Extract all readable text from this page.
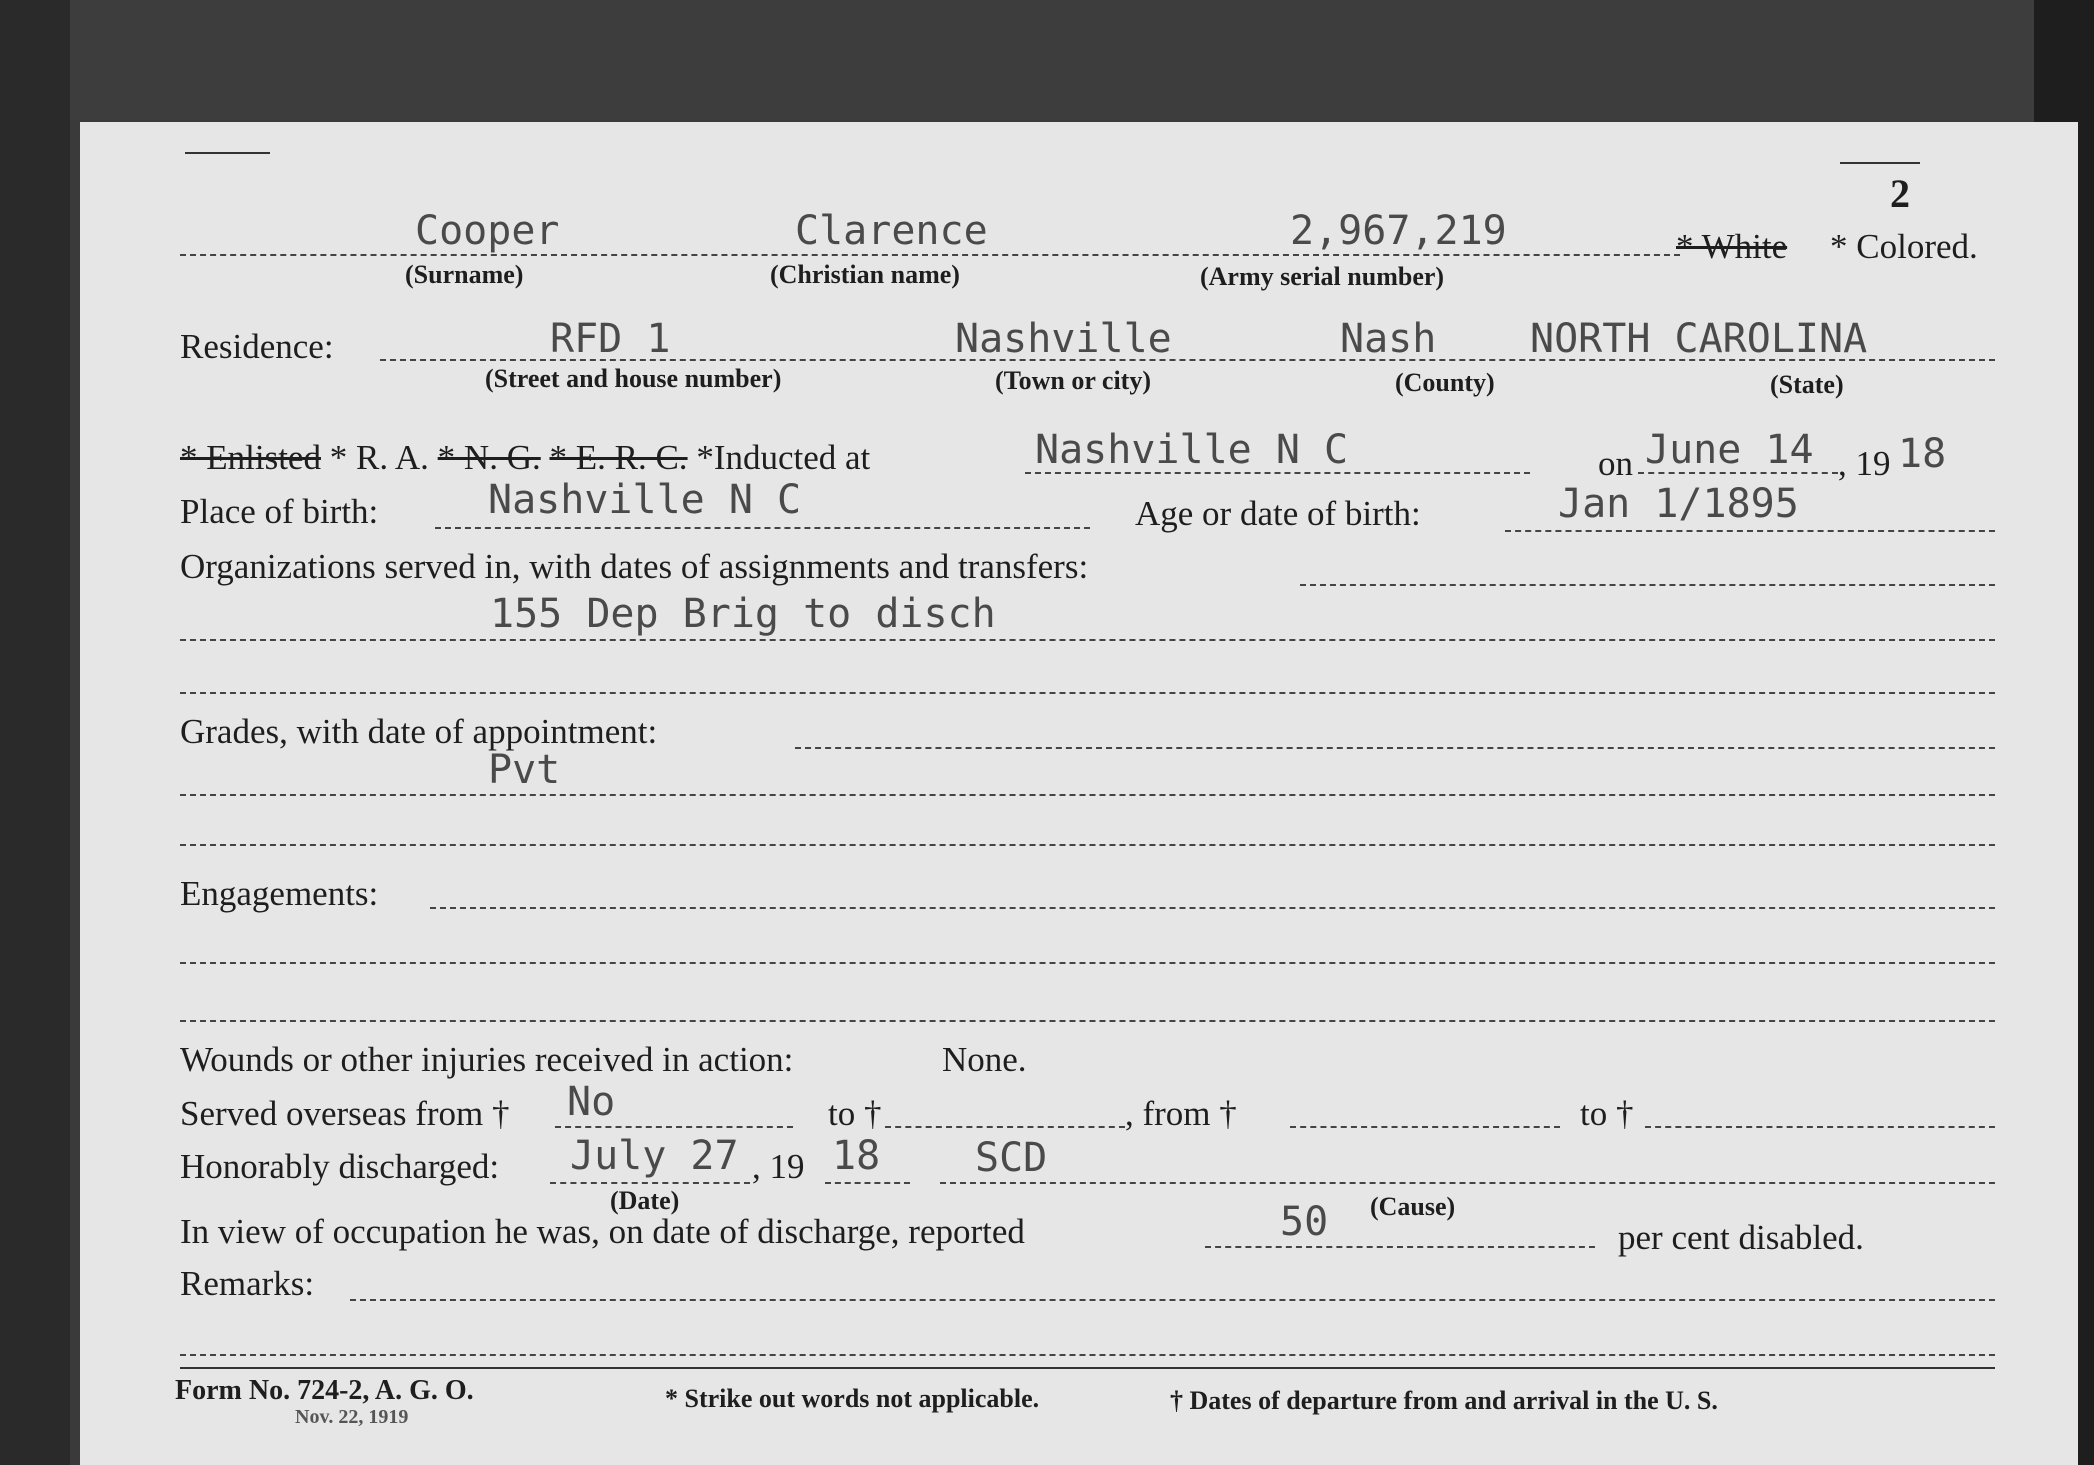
2
Cooper	Clarence	2,967,219	* White * Colored.
(Surname)	(Christian name)	(Army serial number)
Residence:	RFD 1	Nashville	Nash NORTH CAROLINA
(Street and house number)	(Town or city)	(County)	(State)
* Enlisted * R. A. * N. G. * E. R. C. *Inducted at	Nashville N C	on June 14 , 19 18
Place of birth:	Nashville N C	Age or date of birth:	Jan 1/1895
Organizations served in, with dates of assignments and transfers:
155 Dep Brig to disch
Grades, with date of appointment:
Pvt
Engagements:
Wounds or other injuries received in action:	None.
Served overseas from † No	to †	, from †	to †
Honorably discharged: July 27 , 19 18 SCD
(Date)	(Cause)
In view of occupation he was, on date of discharge, reported	50	per cent disabled.
Remarks:
Form No. 724-2, A. G. O.
Nov. 22, 1919
* Strike out words not applicable.	† Dates of departure from and arrival in the U. S.
